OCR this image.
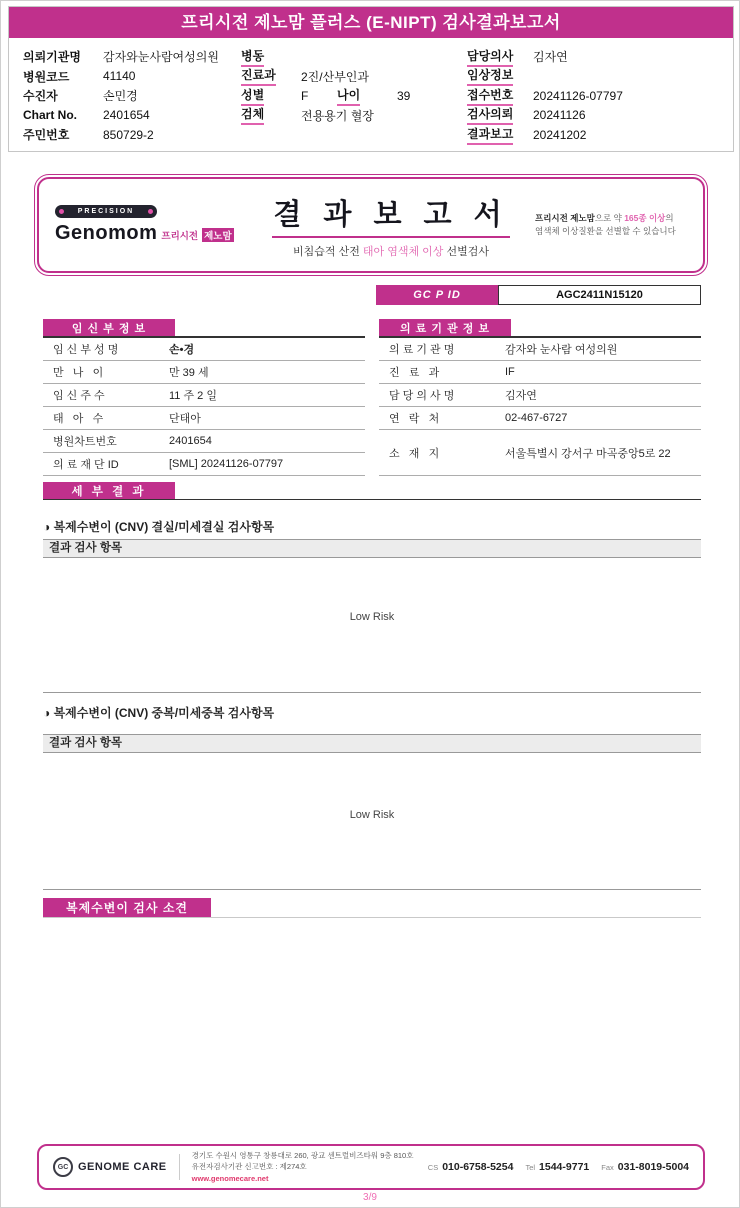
프리시전 제노맘 플러스 (E-NIPT) 검사결과보고서
의뢰기관명	감자와눈사람여성의원
병원코드	41140
수진자	손민경
Chart No.	2401654
주민번호	850729-2
병동
진료과	2진/산부인과
성별	F	나이	39
검체	전용용기 혈장
담당의사	김자연
임상정보
접수번호	20241126-07797
검사의뢰	20241126
결과보고	20241202
PRECISION
Genomom 프리시전 제노맘
결 과 보 고 서
비침습적 산전 태아 염색체 이상 선별검사
프리시전 제노맘으로 약 165종 이상의
염색체 이상질환을 선별할 수 있습니다
GC P ID	AGC2411N15120
임 신 부 정 보
임 신 부 성 명	손•경
만   나   이	만 39 세
임 신 주 수	11 주 2 일
태   아   수	단태아
병원차트번호	2401654
의 료 재 단 ID	[SML] 20241126-07797
의 료 기 관 정 보
의 료 기 관 명	감자와 눈사람 여성의원
진   료   과	IF
담 당 의 사 명	김자연
연   락   처	02-467-6727
소   재   지	서울특별시 강서구 마곡중앙5로 22
세 부 결 과
◑ 복제수변이 (CNV) 결실/미세결실 검사항목
결과 검사 항목
Low Risk
◑ 복제수변이 (CNV) 중복/미세중복 검사항목
결과 검사 항목
Low Risk
복제수변이 검사 소견
GC GENOME CARE
경기도 수원시 영통구 창룡대로 260, 광교 센트럴비즈타워 9층 810호
유전자검사기관 신고번호 : 제274호
www.genomecare.net
CS 010-6758-5254 Tel 1544-9771 Fax 031-8019-5004
3/9
